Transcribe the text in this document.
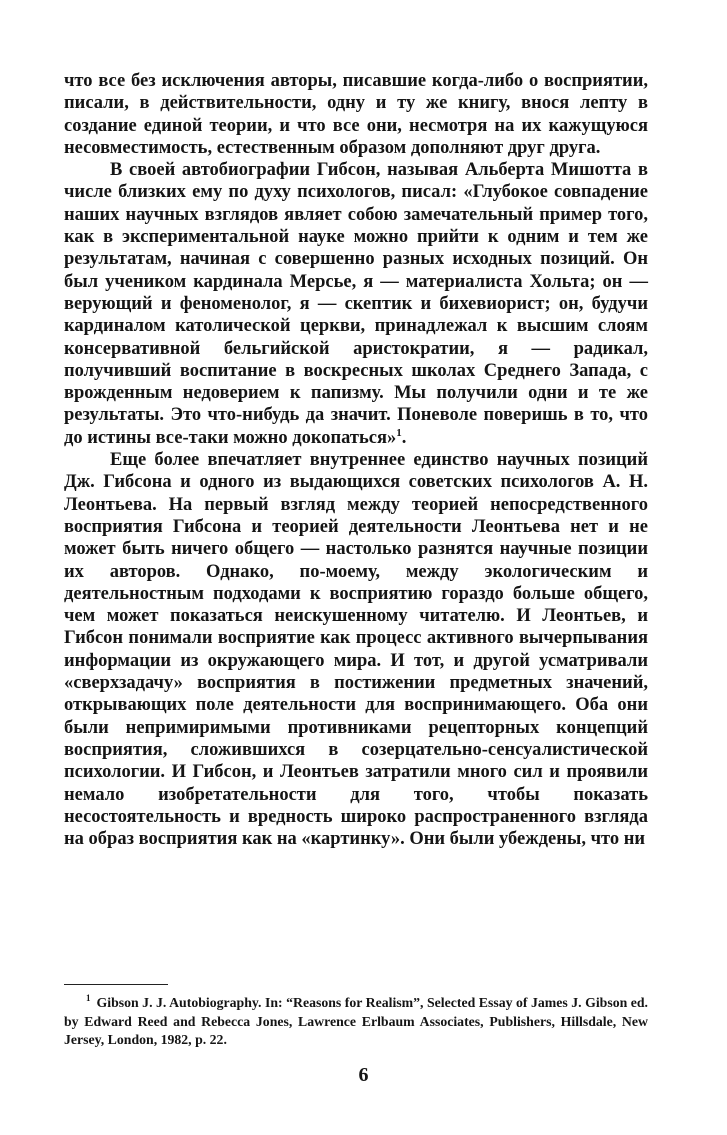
что все без исключения авторы, писавшие когда-либо о восприятии, писали, в действительности, одну и ту же книгу, внося лепту в создание единой теории, и что все они, несмотря на их кажущуюся несовместимость, естественным образом дополняют друг друга.

В своей автобиографии Гибсон, называя Альберта Мишотта в числе близких ему по духу психологов, писал: «Глубокое совпадение наших научных взглядов являет собою замечательный пример того, как в экспериментальной науке можно прийти к одним и тем же результатам, начиная с совершенно разных исходных позиций. Он был учеником кардинала Мерсье, я — материалиста Хольта; он — верующий и феноменолог, я — скептик и бихевиорист; он, будучи кардиналом католической церкви, принадлежал к высшим слоям консервативной бельгийской аристократии, я — радикал, получивший воспитание в воскресных школах Среднего Запада, с врожденным недоверием к папизму. Мы получили одни и те же результаты. Это что-нибудь да значит. Поневоле поверишь в то, что до истины все-таки можно докопаться»$^1$.

Еще более впечатляет внутреннее единство научных позиций Дж. Гибсона и одного из выдающихся советских психологов А. Н. Леонтьева. На первый взгляд между теорией непосредственного восприятия Гибсона и теорией деятельности Леонтьева нет и не может быть ничего общего — настолько разнятся научные позиции их авторов. Однако, по-моему, между экологическим и деятельностным подходами к восприятию гораздо больше общего, чем может показаться неискушенному читателю. И Леонтьев, и Гибсон понимали восприятие как процесс активного вычерпывания информации из окружающего мира. И тот, и другой усматривали «сверхзадачу» восприятия в постижении предметных значений, открывающих поле деятельности для воспринимающего. Оба они были непримиримыми противниками рецепторных концепций восприятия, сложившихся в созерцательно-сенсуалистической психологии. И Гибсон, и Леонтьев затратили много сил и проявили немало изобретательности для того, чтобы показать несостоятельность и вредность широко распространенного взгляда на образ восприятия как на «картинку». Они были убеждены, что ни

$^1$ Gibson J. J. Autobiography. In: “Reasons for Realism”, Selected Essay of James J. Gibson ed. by Edward Reed and Rebecca Jones, Lawrence Erlbaum Associates, Publishers, Hillsdale, New Jersey, London, 1982, p. 22.
6
